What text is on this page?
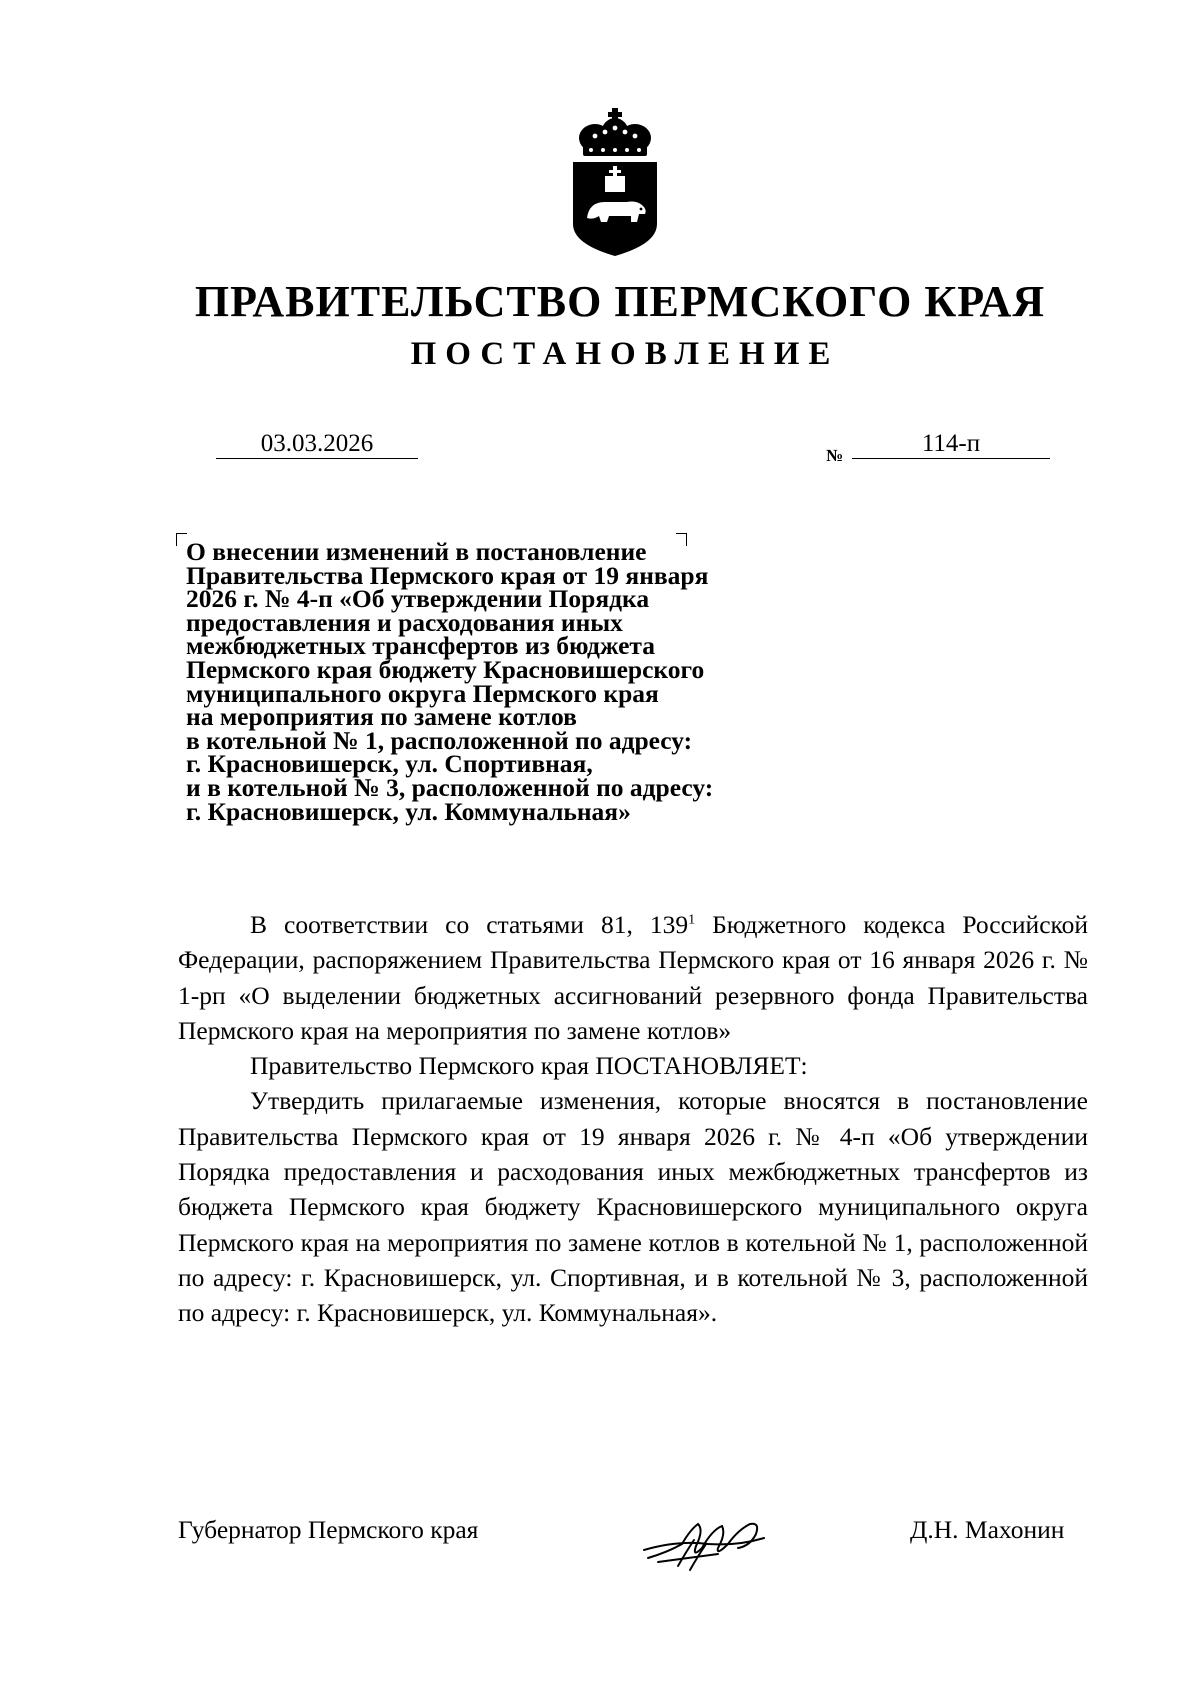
ПРАВИТЕЛЬСТВО ПЕРМСКОГО КРАЯ
ПОСТАНОВЛЕНИЕ
03.03.2026	№	114-п
О внесении изменений в постановление
Правительства Пермского края от 19 января
2026 г. № 4-п «Об утверждении Порядка
предоставления и расходования иных
межбюджетных трансфертов из бюджета
Пермского края бюджету Красновишерского
муниципального округа Пермского края
на мероприятия по замене котлов
в котельной № 1, расположенной по адресу:
г. Красновишерск, ул. Спортивная,
и в котельной № 3, расположенной по адресу:
г. Красновишерск, ул. Коммунальная»

В соответствии со статьями 81, $139^1$ Бюджетного кодекса Российской Федерации, распоряжением Правительства Пермского края от 16 января 2026 г. № 1-рп «О выделении бюджетных ассигнований резервного фонда Правительства Пермского края на мероприятия по замене котлов»

Правительство Пермского края ПОСТАНОВЛЯЕТ:

Утвердить прилагаемые изменения, которые вносятся в постановление Правительства Пермского края от 19 января 2026 г. № 4-п «Об утверждении Порядка предоставления и расходования иных межбюджетных трансфертов из бюджета Пермского края бюджету Красновишерского муниципального округа Пермского края на мероприятия по замене котлов в котельной № 1, расположенной по адресу: г. Красновишерск, ул. Спортивная, и в котельной № 3, расположенной по адресу: г. Красновишерск, ул. Коммунальная».

Губернатор Пермского края	Д.Н. Махонин
